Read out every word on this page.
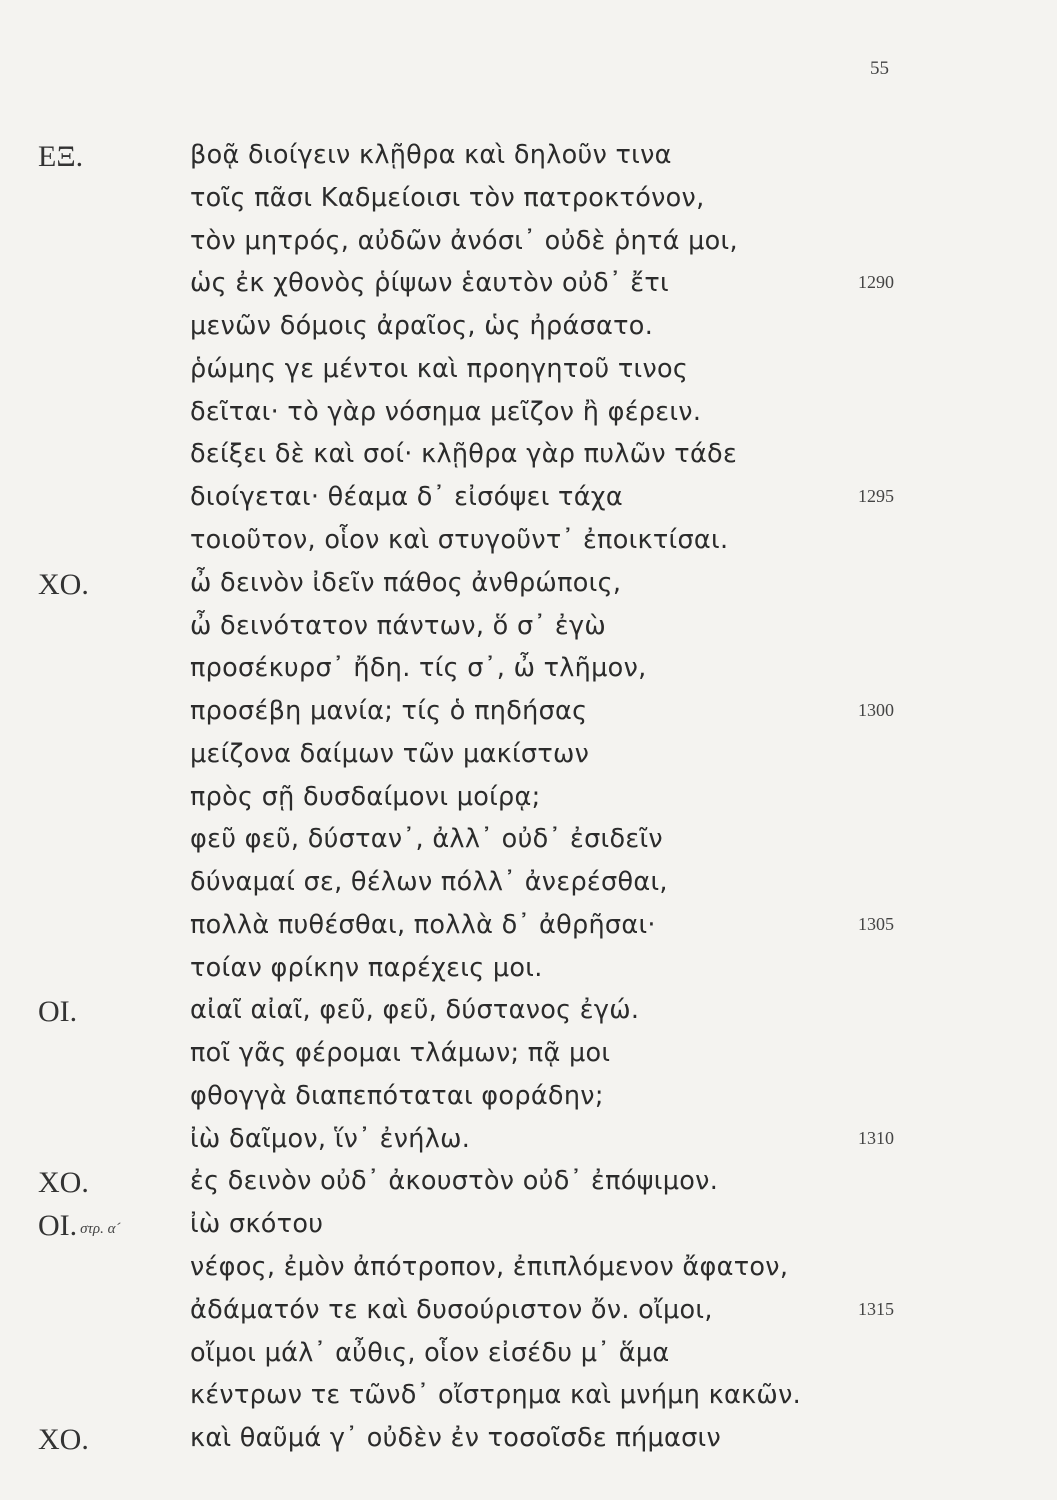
55
ΕΞ.	βοᾷ διοίγειν κλῇθρα καὶ δηλοῦν τινα
τοῖς πᾶσι Καδμείοισι τὸν πατροκτόνον,
τὸν μητρός, αὐδῶν ἀνόσι᾽ οὐδὲ ῥητά μοι,
ὡς ἐκ χθονὸς ῥίψων ἑαυτὸν οὐδ᾽ ἔτι	1290
μενῶν δόμοις ἀραῖος, ὡς ἠράσατο.
ῥώμης γε μέντοι καὶ προηγητοῦ τινος
δεῖται· τὸ γὰρ νόσημα μεῖζον ἢ φέρειν.
δείξει δὲ καὶ σοί· κλῇθρα γὰρ πυλῶν τάδε
διοίγεται· θέαμα δ᾽ εἰσόψει τάχα	1295
τοιοῦτον, οἷον καὶ στυγοῦντ᾽ ἐποικτίσαι.
ΧΟ.	ὦ δεινὸν ἰδεῖν πάθος ἀνθρώποις,
ὦ δεινότατον πάντων, ὅ σ᾽ ἐγὼ
προσέκυρσ᾽ ἤδη. τίς σ᾽, ὦ τλῆμον,
προσέβη μανία; τίς ὁ πηδήσας	1300
μείζονα δαίμων τῶν μακίστων
πρὸς σῇ δυσδαίμονι μοίρᾳ;
φεῦ φεῦ, δύσταν᾽, ἀλλ᾽ οὐδ᾽ ἐσιδεῖν
δύναμαί σε, θέλων πόλλ᾽ ἀνερέσθαι,
πολλὰ πυθέσθαι, πολλὰ δ᾽ ἀθρῆσαι·	1305
τοίαν φρίκην παρέχεις μοι.
ΟΙ.	αἰαῖ αἰαῖ, φεῦ, φεῦ, δύστανος ἐγώ.
ποῖ γᾶς φέρομαι τλάμων; πᾷ μοι
φθογγὰ διαπεπόταται φοράδην;
ἰὼ δαῖμον, ἵν᾽ ἐνήλω.	1310
ΧΟ.	ἐς δεινὸν οὐδ᾽ ἀκουστὸν οὐδ᾽ ἐπόψιμον.
ΟΙ. στρ. α´	ἰὼ σκότου
νέφος, ἐμὸν ἀπότροπον, ἐπιπλόμενον ἄφατον,
ἀδάματόν τε καὶ δυσούριστον ὄν. οἴμοι,	1315
οἴμοι μάλ᾽ αὖθις, οἷον εἰσέδυ μ᾽ ἅμα
κέντρων τε τῶνδ᾽ οἴστρημα καὶ μνήμη κακῶν.
ΧΟ.	καὶ θαῦμά γ᾽ οὐδὲν ἐν τοσοῖσδε πήμασιν
